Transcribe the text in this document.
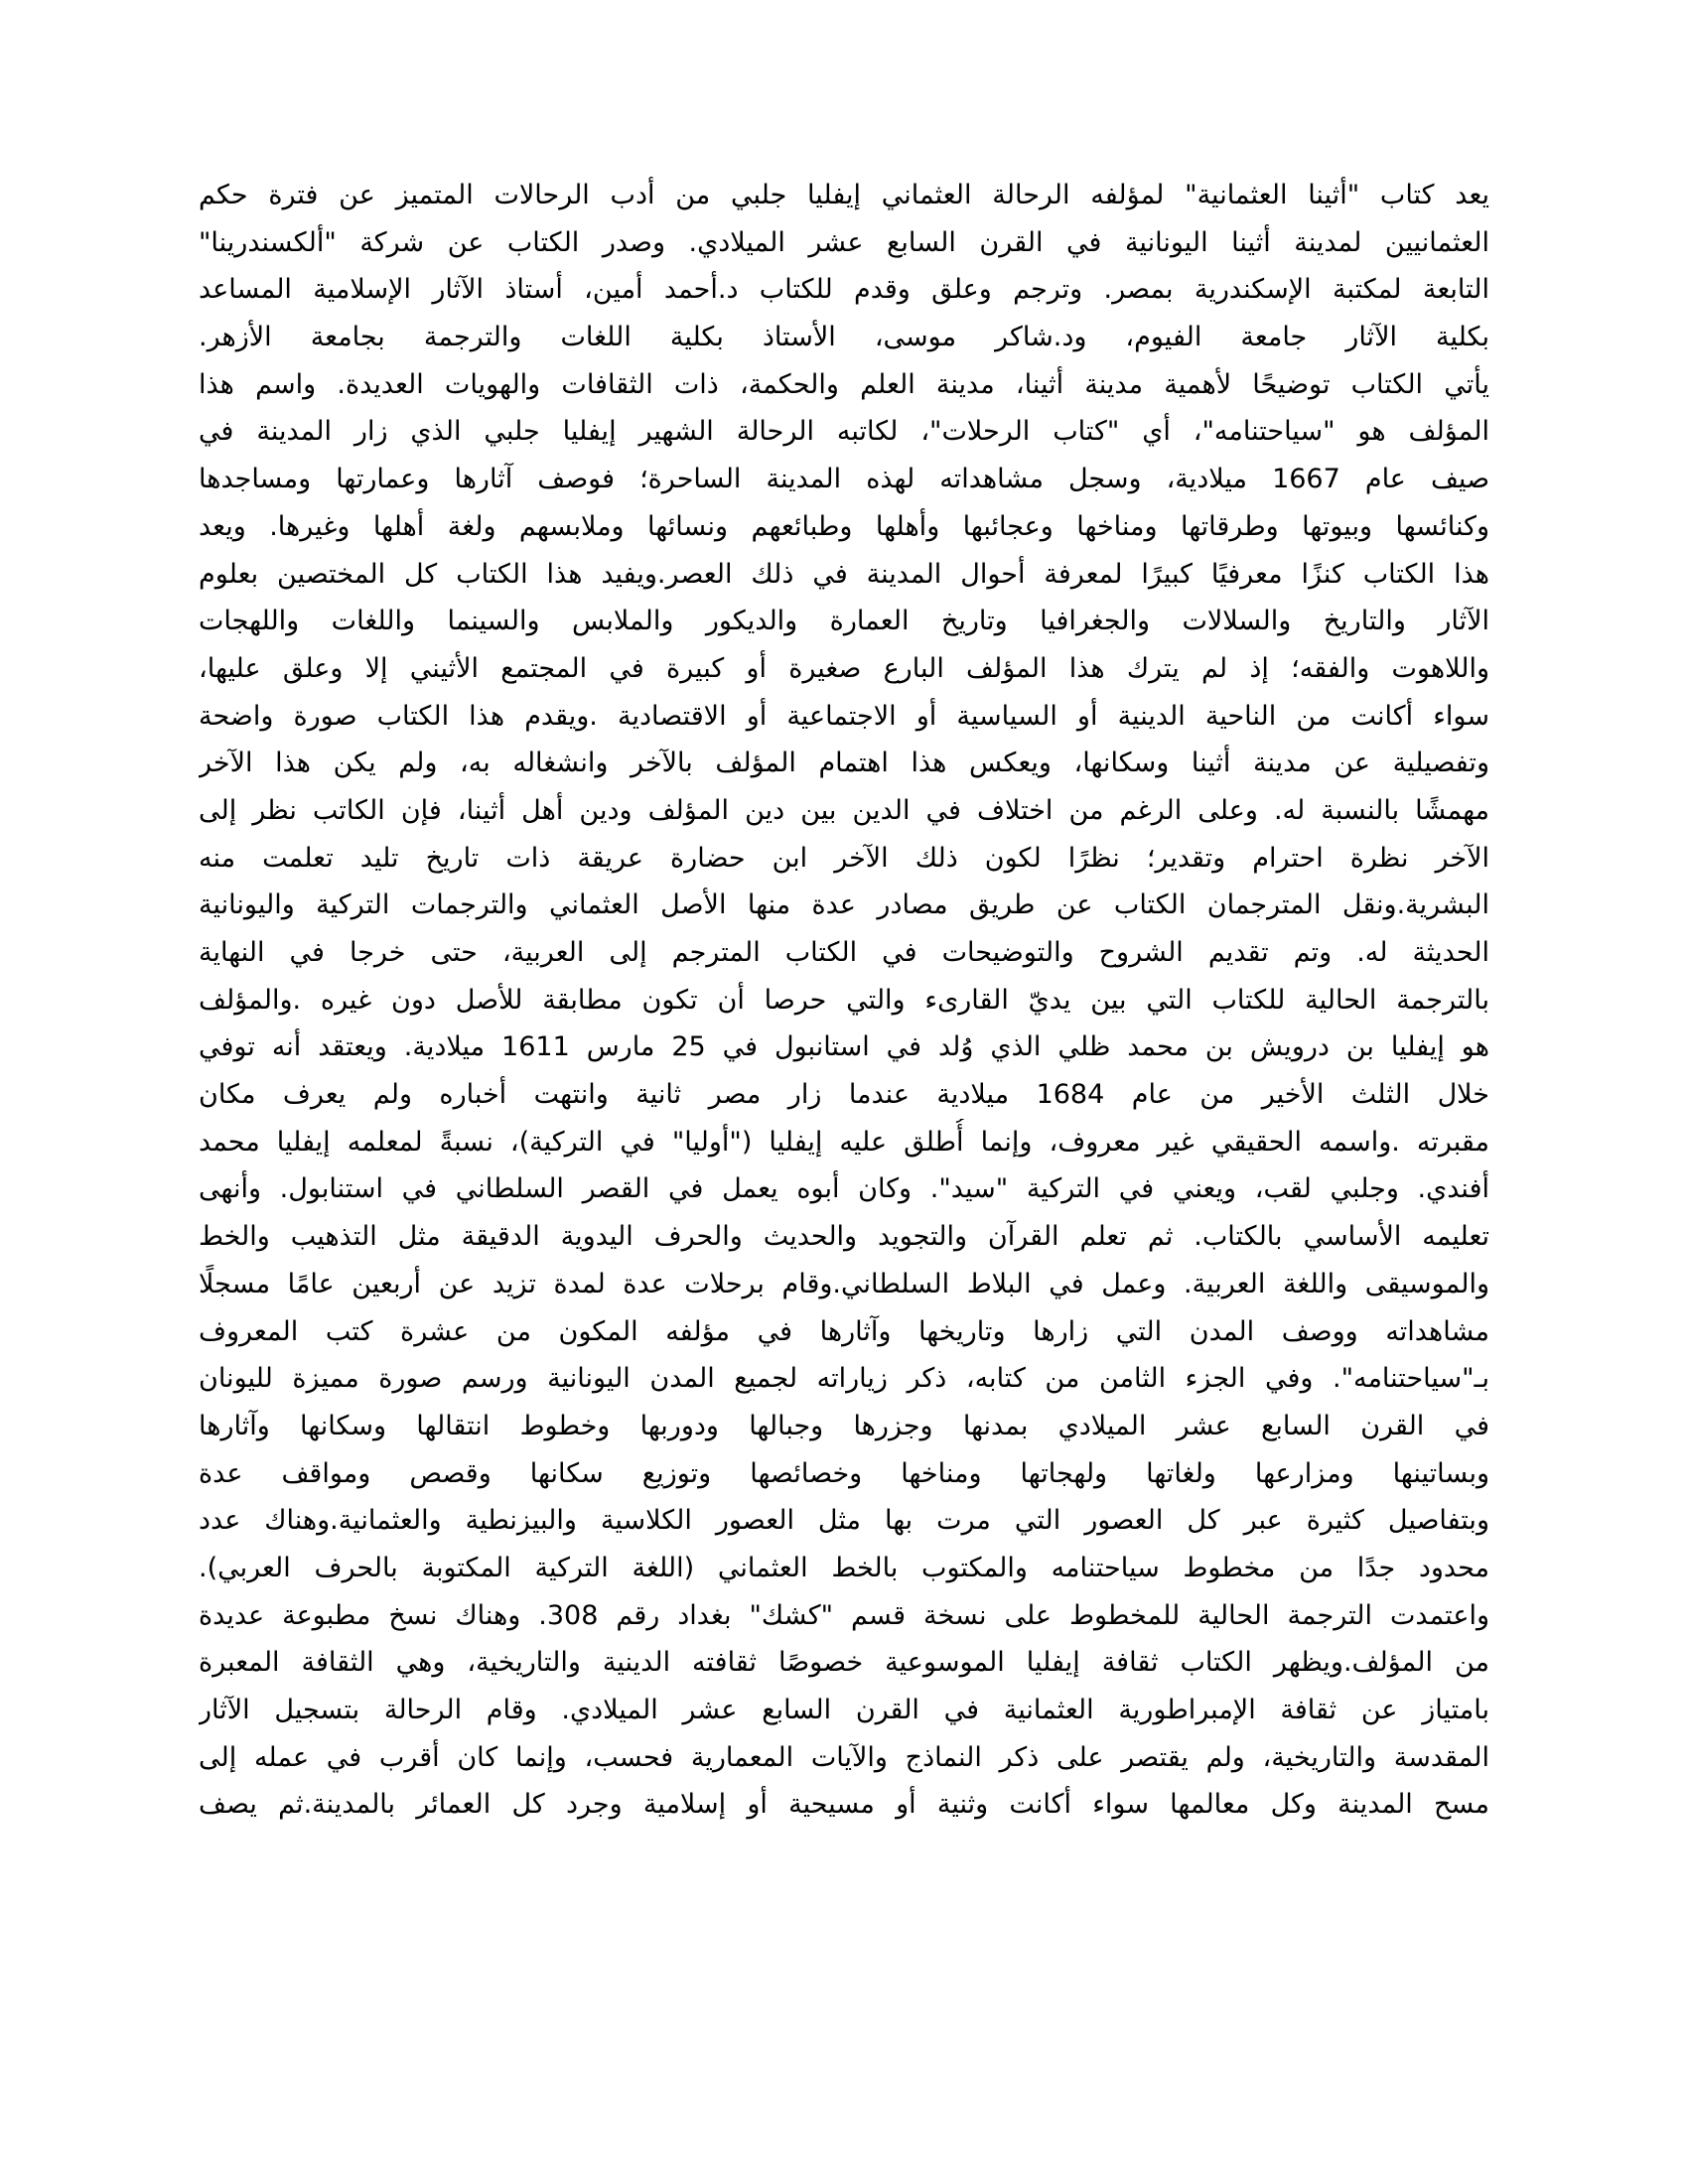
يعد كتاب "أثينا العثمانية" لمؤلفه الرحالة العثماني إيفليا جلبي من أدب الرحالات المتميز عن فترة حكم
العثمانيين لمدينة أثينا اليونانية في القرن السابع عشر الميلادي. وصدر الكتاب عن شركة "ألكسندرينا"
التابعة لمكتبة الإسكندرية بمصر. وترجم وعلق وقدم للكتاب د.أحمد أمين، أستاذ الآثار الإسلامية المساعد
بكلية الآثار جامعة الفيوم، ود.شاكر موسى، الأستاذ بكلية اللغات والترجمة بجامعة الأزهر.
يأتي الكتاب توضيحًا لأهمية مدينة أثينا، مدينة العلم والحكمة، ذات الثقافات والهويات العديدة. واسم هذا
المؤلف هو "سياحتنامه"، أي "كتاب الرحلات"، لكاتبه الرحالة الشهير إيفليا جلبي الذي زار المدينة في
صيف عام 1667 ميلادية، وسجل مشاهداته لهذه المدينة الساحرة؛ فوصف آثارها وعمارتها ومساجدها
وكنائسها وبيوتها وطرقاتها ومناخها وعجائبها وأهلها وطبائعهم ونسائها وملابسهم ولغة أهلها وغيرها. ويعد
هذا الكتاب كنزًا معرفيًا كبيرًا لمعرفة أحوال المدينة في ذلك العصر.ويفيد هذا الكتاب كل المختصين بعلوم
الآثار والتاريخ والسلالات والجغرافيا وتاريخ العمارة والديكور والملابس والسينما واللغات واللهجات
واللاهوت والفقه؛ إذ لم يترك هذا المؤلف البارع صغيرة أو كبيرة في المجتمع الأثيني إلا وعلق عليها،
سواء أكانت من الناحية الدينية أو السياسية أو الاجتماعية أو الاقتصادية .ويقدم هذا الكتاب صورة واضحة
وتفصيلية عن مدينة أثينا وسكانها، ويعكس هذا اهتمام المؤلف بالآخر وانشغاله به، ولم يكن هذا الآخر
مهمشًا بالنسبة له. وعلى الرغم من اختلاف في الدين بين دين المؤلف ودين أهل أثينا، فإن الكاتب نظر إلى
الآخر نظرة احترام وتقدير؛ نظرًا لكون ذلك الآخر ابن حضارة عريقة ذات تاريخ تليد تعلمت منه
البشرية.ونقل المترجمان الكتاب عن طريق مصادر عدة منها الأصل العثماني والترجمات التركية واليونانية
الحديثة له. وتم تقديم الشروح والتوضيحات في الكتاب المترجم إلى العربية، حتى خرجا في النهاية
بالترجمة الحالية للكتاب التي بين يديّ القارىء والتي حرصا أن تكون مطابقة للأصل دون غيره .والمؤلف
هو إيفليا بن درويش بن محمد ظلي الذي وُلد في استانبول في 25 مارس 1611 ميلادية. ويعتقد أنه توفي
خلال الثلث الأخير من عام 1684 ميلادية عندما زار مصر ثانية وانتهت أخباره ولم يعرف مكان
مقبرته .واسمه الحقيقي غير معروف، وإنما أُطلق عليه إيفليا ("أوليا" في التركية)، نسبةً لمعلمه إيفليا محمد
أفندي. وجلبي لقب، ويعني في التركية "سيد". وكان أبوه يعمل في القصر السلطاني في استنابول. وأنهى
تعليمه الأساسي بالكتاب. ثم تعلم القرآن والتجويد والحديث والحرف اليدوية الدقيقة مثل التذهيب والخط
والموسيقى واللغة العربية. وعمل في البلاط السلطاني.وقام برحلات عدة لمدة تزيد عن أربعين عامًا مسجلًا
مشاهداته ووصف المدن التي زارها وتاريخها وآثارها في مؤلفه المكون من عشرة كتب المعروف
بـ"سياحتنامه". وفي الجزء الثامن من كتابه، ذكر زياراته لجميع المدن اليونانية ورسم صورة مميزة لليونان
في القرن السابع عشر الميلادي بمدنها وجزرها وجبالها ودوربها وخطوط انتقالها وسكانها وآثارها
وبساتينها ومزارعها ولغاتها ولهجاتها ومناخها وخصائصها وتوزيع سكانها وقصص ومواقف عدة
وبتفاصيل كثيرة عبر كل العصور التي مرت بها مثل العصور الكلاسية والبيزنطية والعثمانية.وهناك عدد
محدود جدًا من مخطوط سياحتنامه والمكتوب بالخط العثماني (اللغة التركية المكتوبة بالحرف العربي).
واعتمدت الترجمة الحالية للمخطوط على نسخة قسم "كشك" بغداد رقم 308. وهناك نسخ مطبوعة عديدة
من المؤلف.ويظهر الكتاب ثقافة إيفليا الموسوعية خصوصًا ثقافته الدينية والتاريخية، وهي الثقافة المعبرة
بامتياز عن ثقافة الإمبراطورية العثمانية في القرن السابع عشر الميلادي. وقام الرحالة بتسجيل الآثار
المقدسة والتاريخية، ولم يقتصر على ذكر النماذج والآيات المعمارية فحسب، وإنما كان أقرب في عمله إلى
مسح المدينة وكل معالمها سواء أكانت وثنية أو مسيحية أو إسلامية وجرد كل العمائر بالمدينة.ثم يصف
